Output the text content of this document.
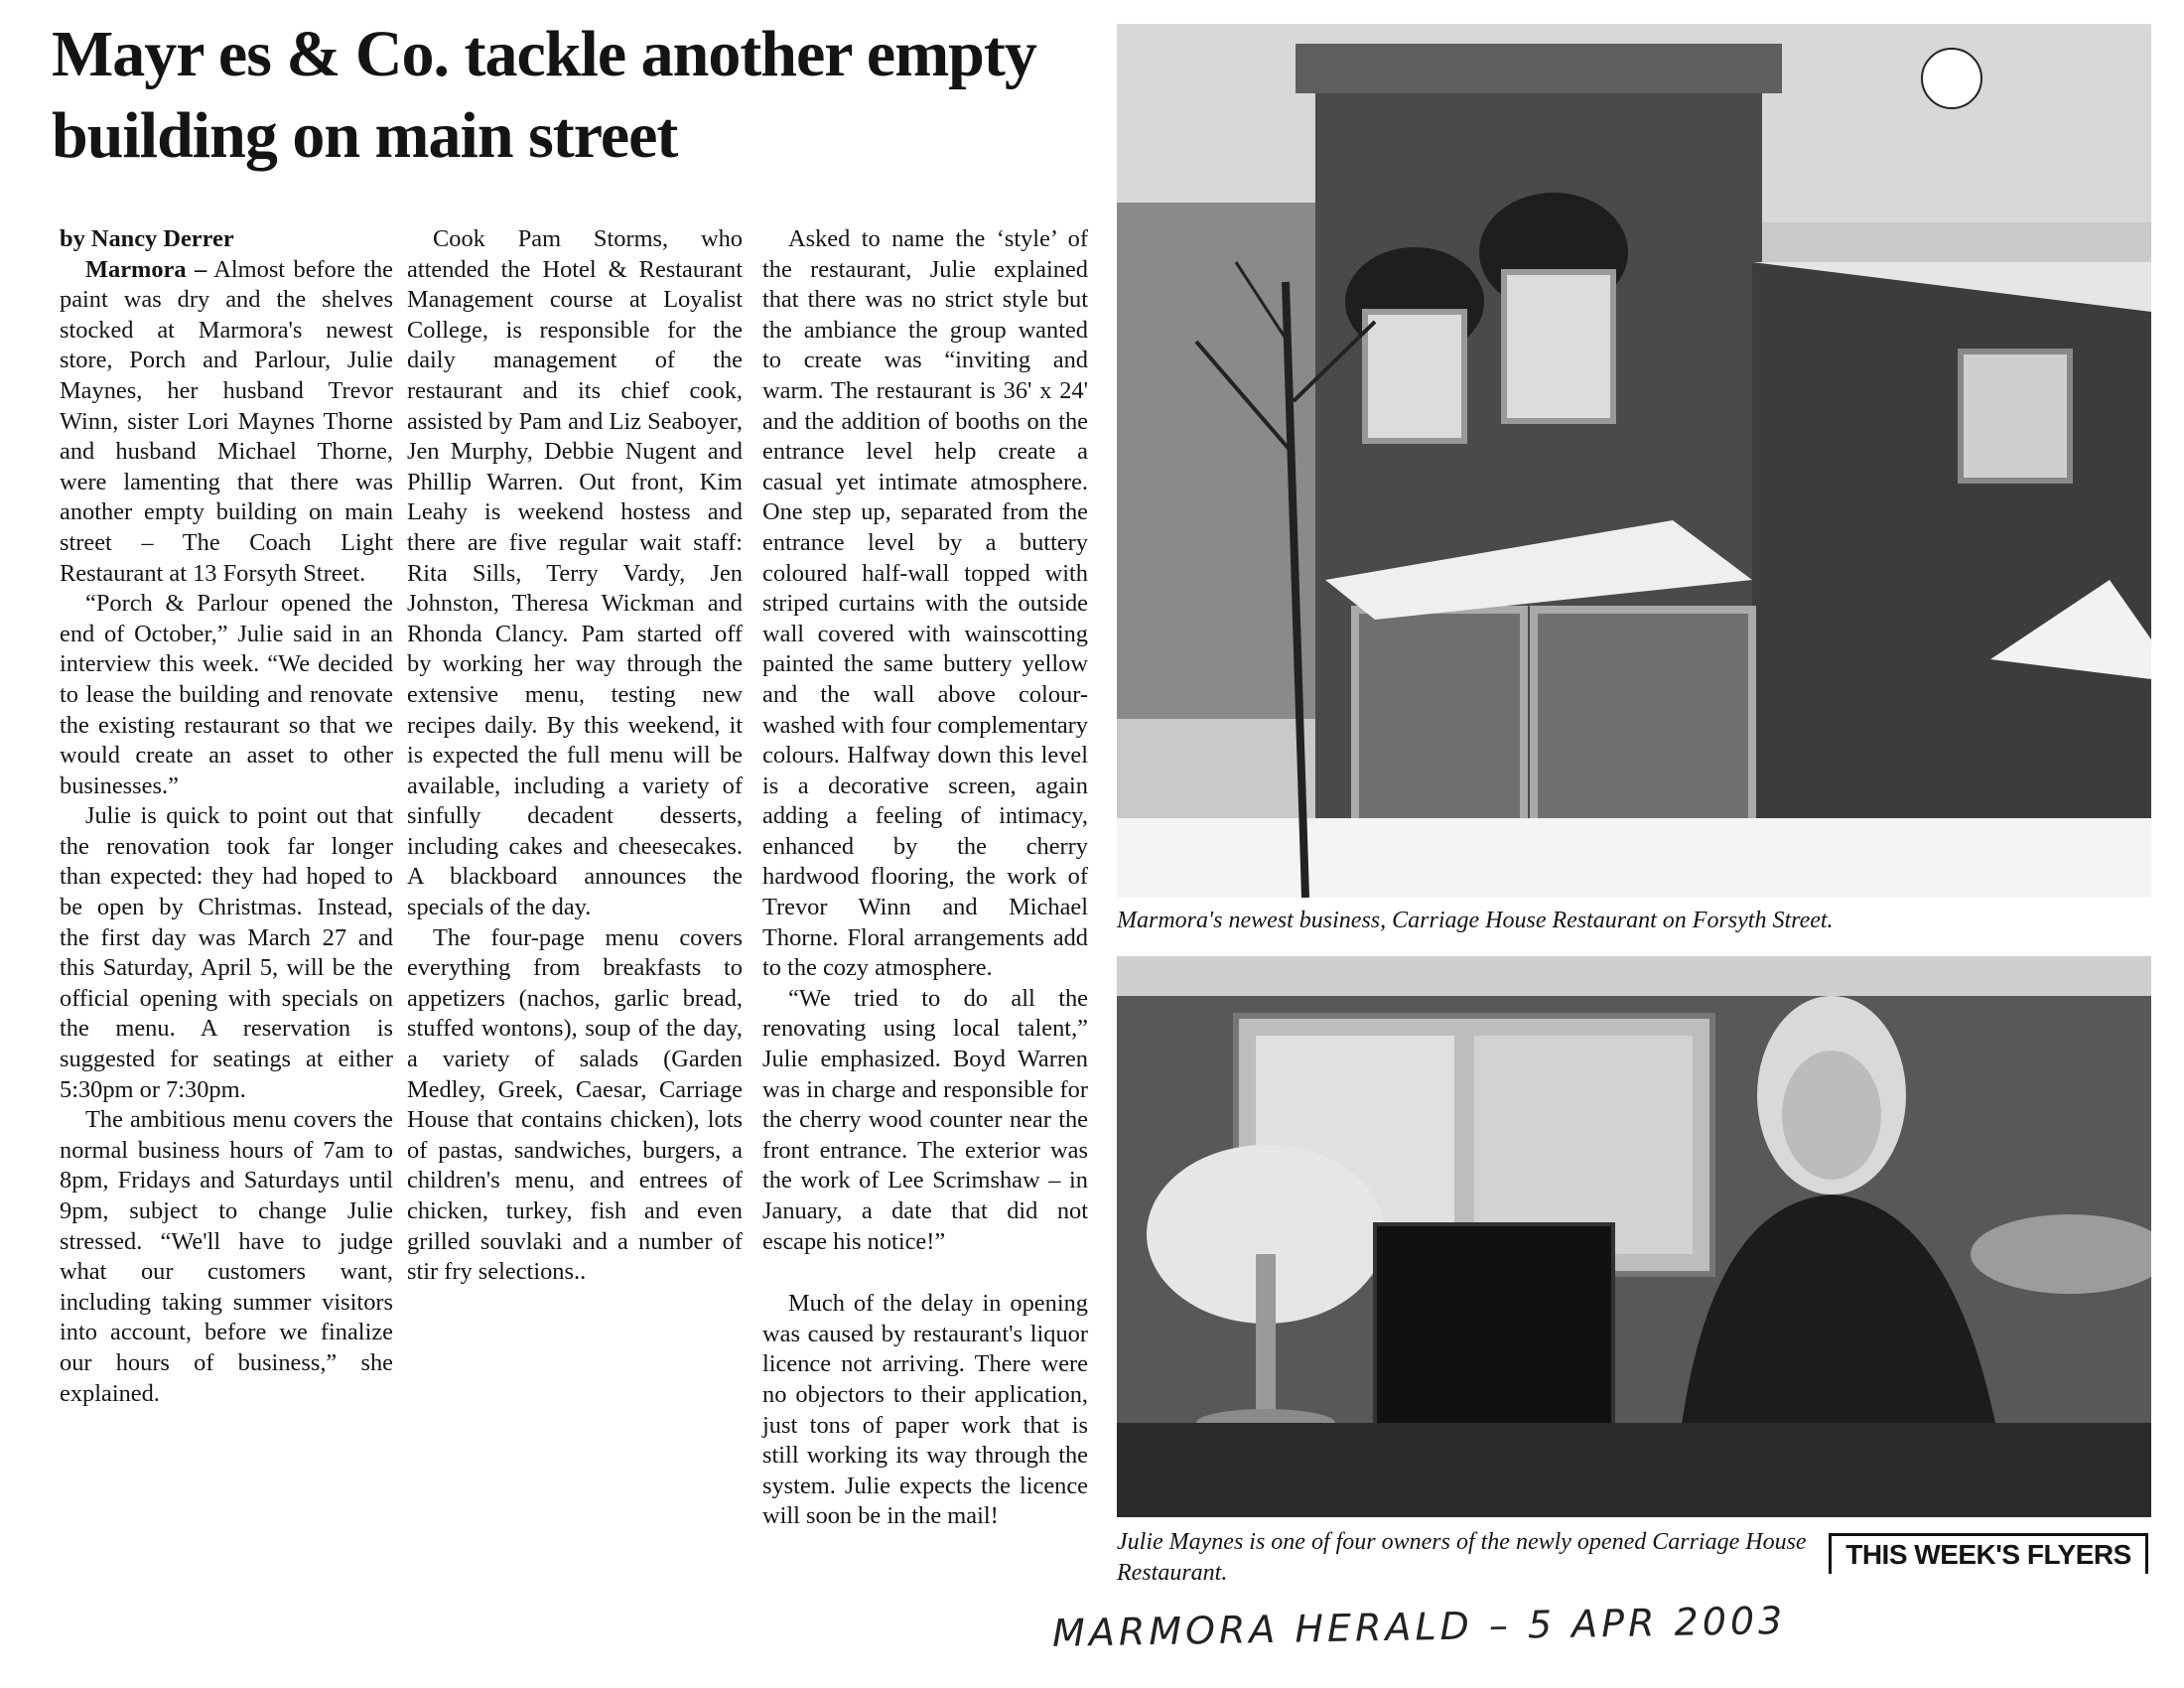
Mayr es & Co. tackle another empty building on main street

by Nancy Derrer

Marmora – Almost before the paint was dry and the shelves stocked at Marmora's newest store, Porch and Parlour, Julie Maynes, her husband Trevor Winn, sister Lori Maynes Thorne and husband Michael Thorne, were lamenting that there was another empty building on main street – The Coach Light Restaurant at 13 Forsyth Street.

“Porch & Parlour opened the end of October,” Julie said in an interview this week. “We decided to lease the building and renovate the existing restaurant so that we would create an asset to other businesses.”

Julie is quick to point out that the renovation took far longer than expected: they had hoped to be open by Christmas. Instead, the first day was March 27 and this Saturday, April 5, will be the official opening with specials on the menu. A reservation is suggested for seatings at either 5:30pm or 7:30pm.

The ambitious menu covers the normal business hours of 7am to 8pm, Fridays and Saturdays until 9pm, subject to change Julie stressed. “We'll have to judge what our customers want, including taking summer visitors into account, before we finalize our hours of business,” she explained.

Cook Pam Storms, who attended the Hotel & Restaurant Management course at Loyalist College, is responsible for the daily management of the restaurant and its chief cook, assisted by Pam and Liz Seaboyer, Jen Murphy, Debbie Nugent and Phillip Warren. Out front, Kim Leahy is weekend hostess and there are five regular wait staff: Rita Sills, Terry Vardy, Jen Johnston, Theresa Wickman and Rhonda Clancy. Pam started off by working her way through the extensive menu, testing new recipes daily. By this weekend, it is expected the full menu will be available, including a variety of sinfully decadent desserts, including cakes and cheesecakes. A blackboard announces the specials of the day.

The four-page menu covers everything from breakfasts to appetizers (nachos, garlic bread, stuffed wontons), soup of the day, a variety of salads (Garden Medley, Greek, Caesar, Carriage House that contains chicken), lots of pastas, sandwiches, burgers, a children's menu, and entrees of chicken, turkey, fish and even grilled souvlaki and a number of stir fry selections..

Asked to name the ‘style’ of the restaurant, Julie explained that there was no strict style but the ambiance the group wanted to create was “inviting and warm. The restaurant is 36' x 24' and the addition of booths on the entrance level help create a casual yet intimate atmosphere. One step up, separated from the entrance level by a buttery coloured half-wall topped with striped curtains with the outside wall covered with wainscotting painted the same buttery yellow and the wall above colour-washed with four complementary colours. Halfway down this level is a decorative screen, again adding a feeling of intimacy, enhanced by the cherry hardwood flooring, the work of Trevor Winn and Michael Thorne. Floral arrangements add to the cozy atmosphere.

“We tried to do all the renovating using local talent,” Julie emphasized. Boyd Warren was in charge and responsible for the cherry wood counter near the front entrance. The exterior was the work of Lee Scrimshaw – in January, a date that did not escape his notice!”

Much of the delay in opening was caused by restaurant's liquor licence not arriving. There were no objectors to their application, just tons of paper work that is still working its way through the system. Julie expects the licence will soon be in the mail!

Marmora's newest business, Carriage House Restaurant on Forsyth Street.
Julie Maynes is one of four owners of the newly opened Carriage House Restaurant.
THIS WEEK'S FLYERS
MARMORA HERALD – 5 APR 2003
